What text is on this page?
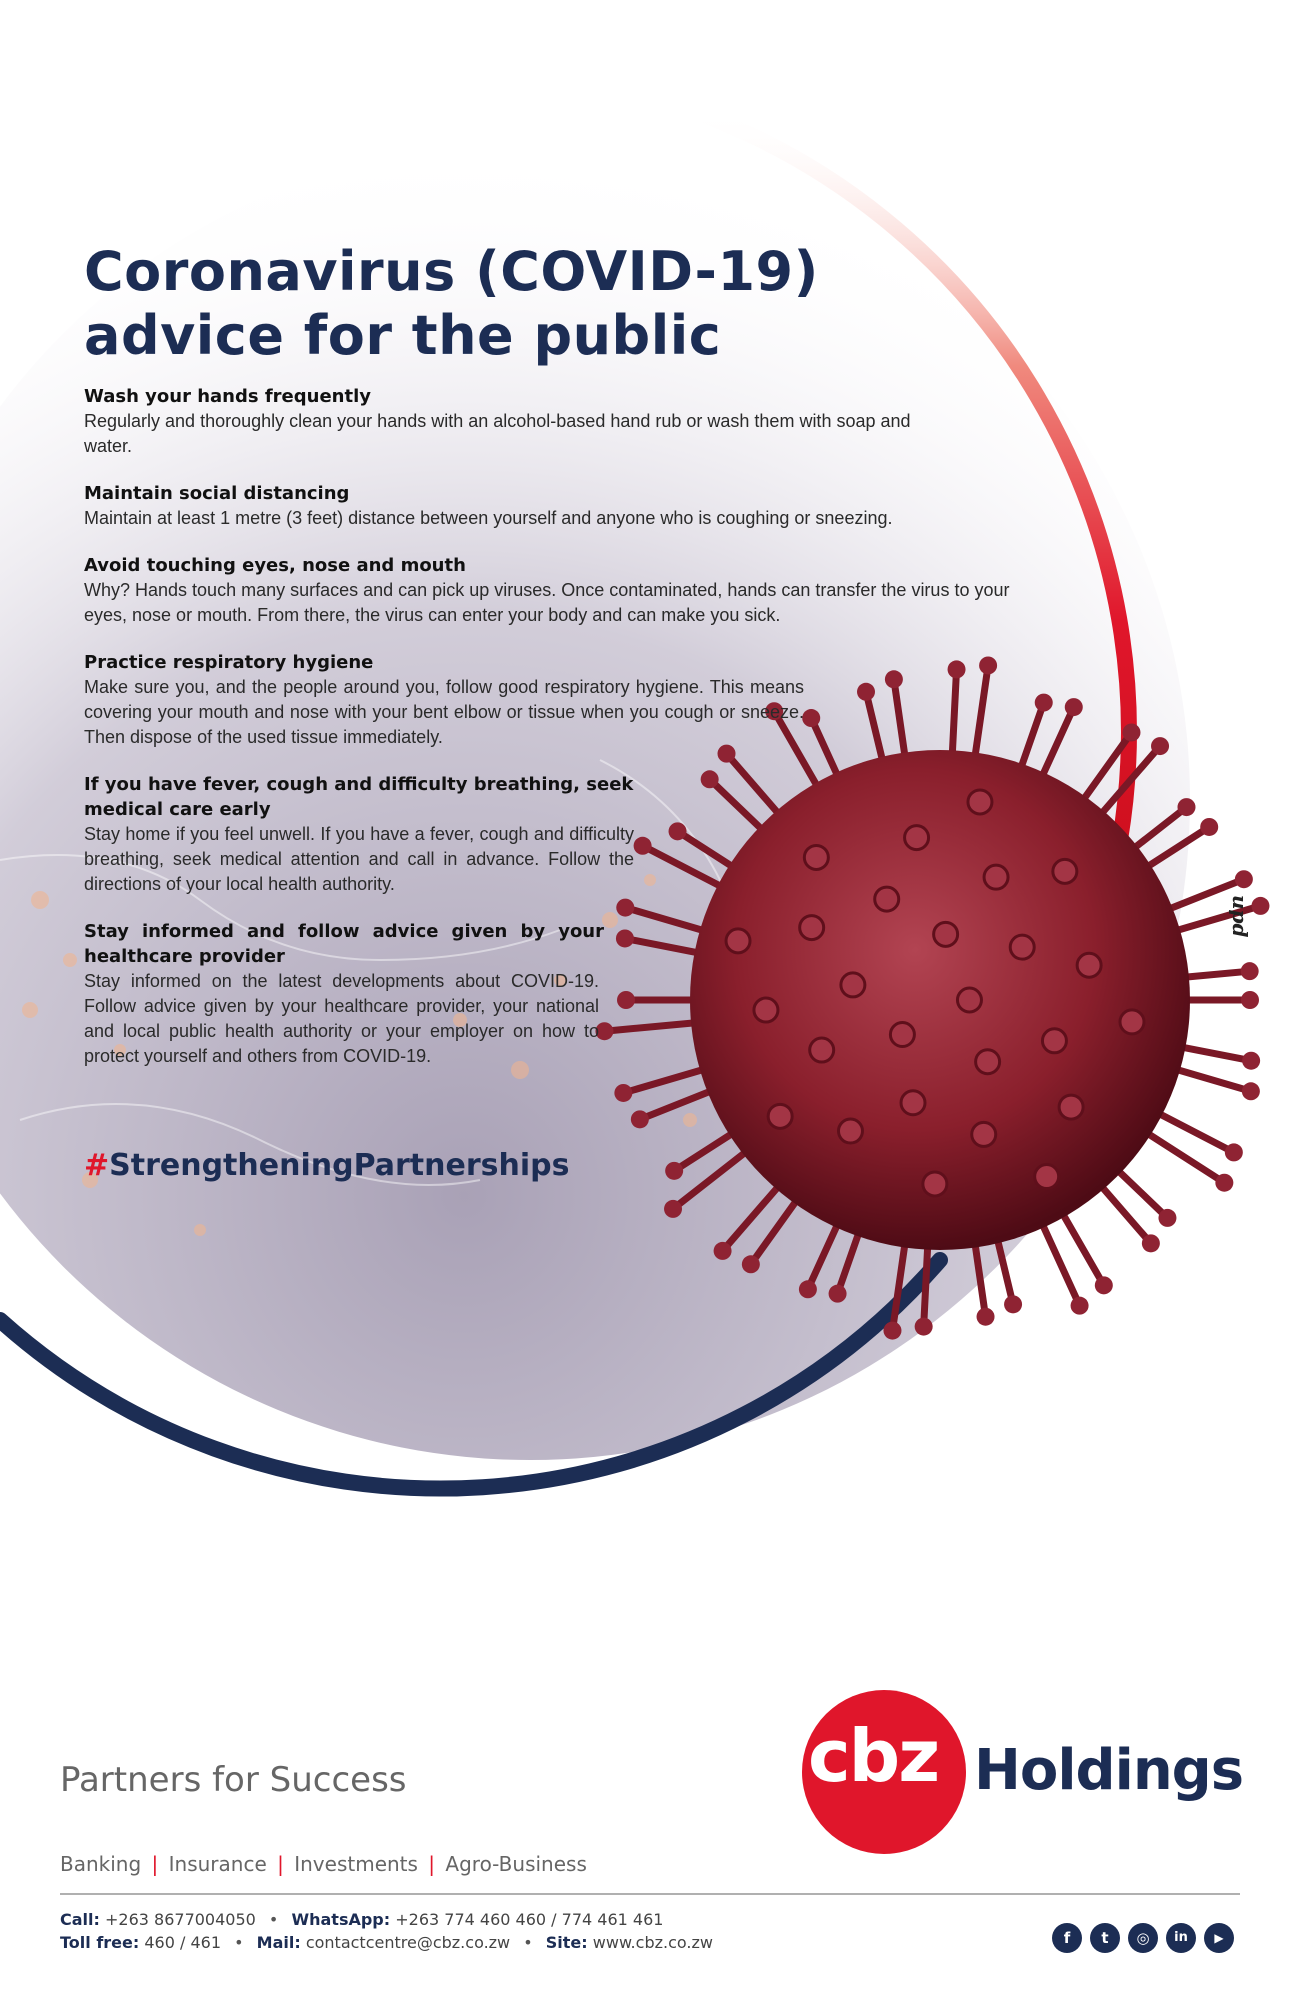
Coronavirus (COVID-19)
advice for the public
Wash your hands frequently
Regularly and thoroughly clean your hands with an alcohol-based hand rub or wash them with soap and water.
Maintain social distancing
Maintain at least 1 metre (3 feet) distance between yourself and anyone who is coughing or sneezing.
Avoid touching eyes, nose and mouth
Why? Hands touch many surfaces and can pick up viruses. Once contaminated, hands can transfer the virus to your eyes, nose or mouth. From there, the virus can enter your body and can make you sick.
Practice respiratory hygiene
Make sure you, and the people around you, follow good respiratory hygiene. This means covering your mouth and nose with your bent elbow or tissue when you cough or sneeze. Then dispose of the used tissue immediately.
If you have fever, cough and difficulty breathing, seek medical care early
Stay home if you feel unwell. If you have a fever, cough and difficulty breathing, seek medical attention and call in advance. Follow the directions of your local health authority.
Stay informed and follow advice given by your healthcare provider
Stay informed on the latest developments about COVID-19. Follow advice given by your healthcare provider, your national and local public health authority or your employer on how to protect yourself and others from COVID-19.
#StrengtheningPartnerships
upd
cbz Holdings
Partners for Success
Banking | Insurance | Investments | Agro-Business
Call: +263 8677004050 • WhatsApp: +263 774 460 460 / 774 461 461
Toll free: 460 / 461 • Mail: contactcentre@cbz.co.zw • Site: www.cbz.co.zw	f	t	◎	in	▶
